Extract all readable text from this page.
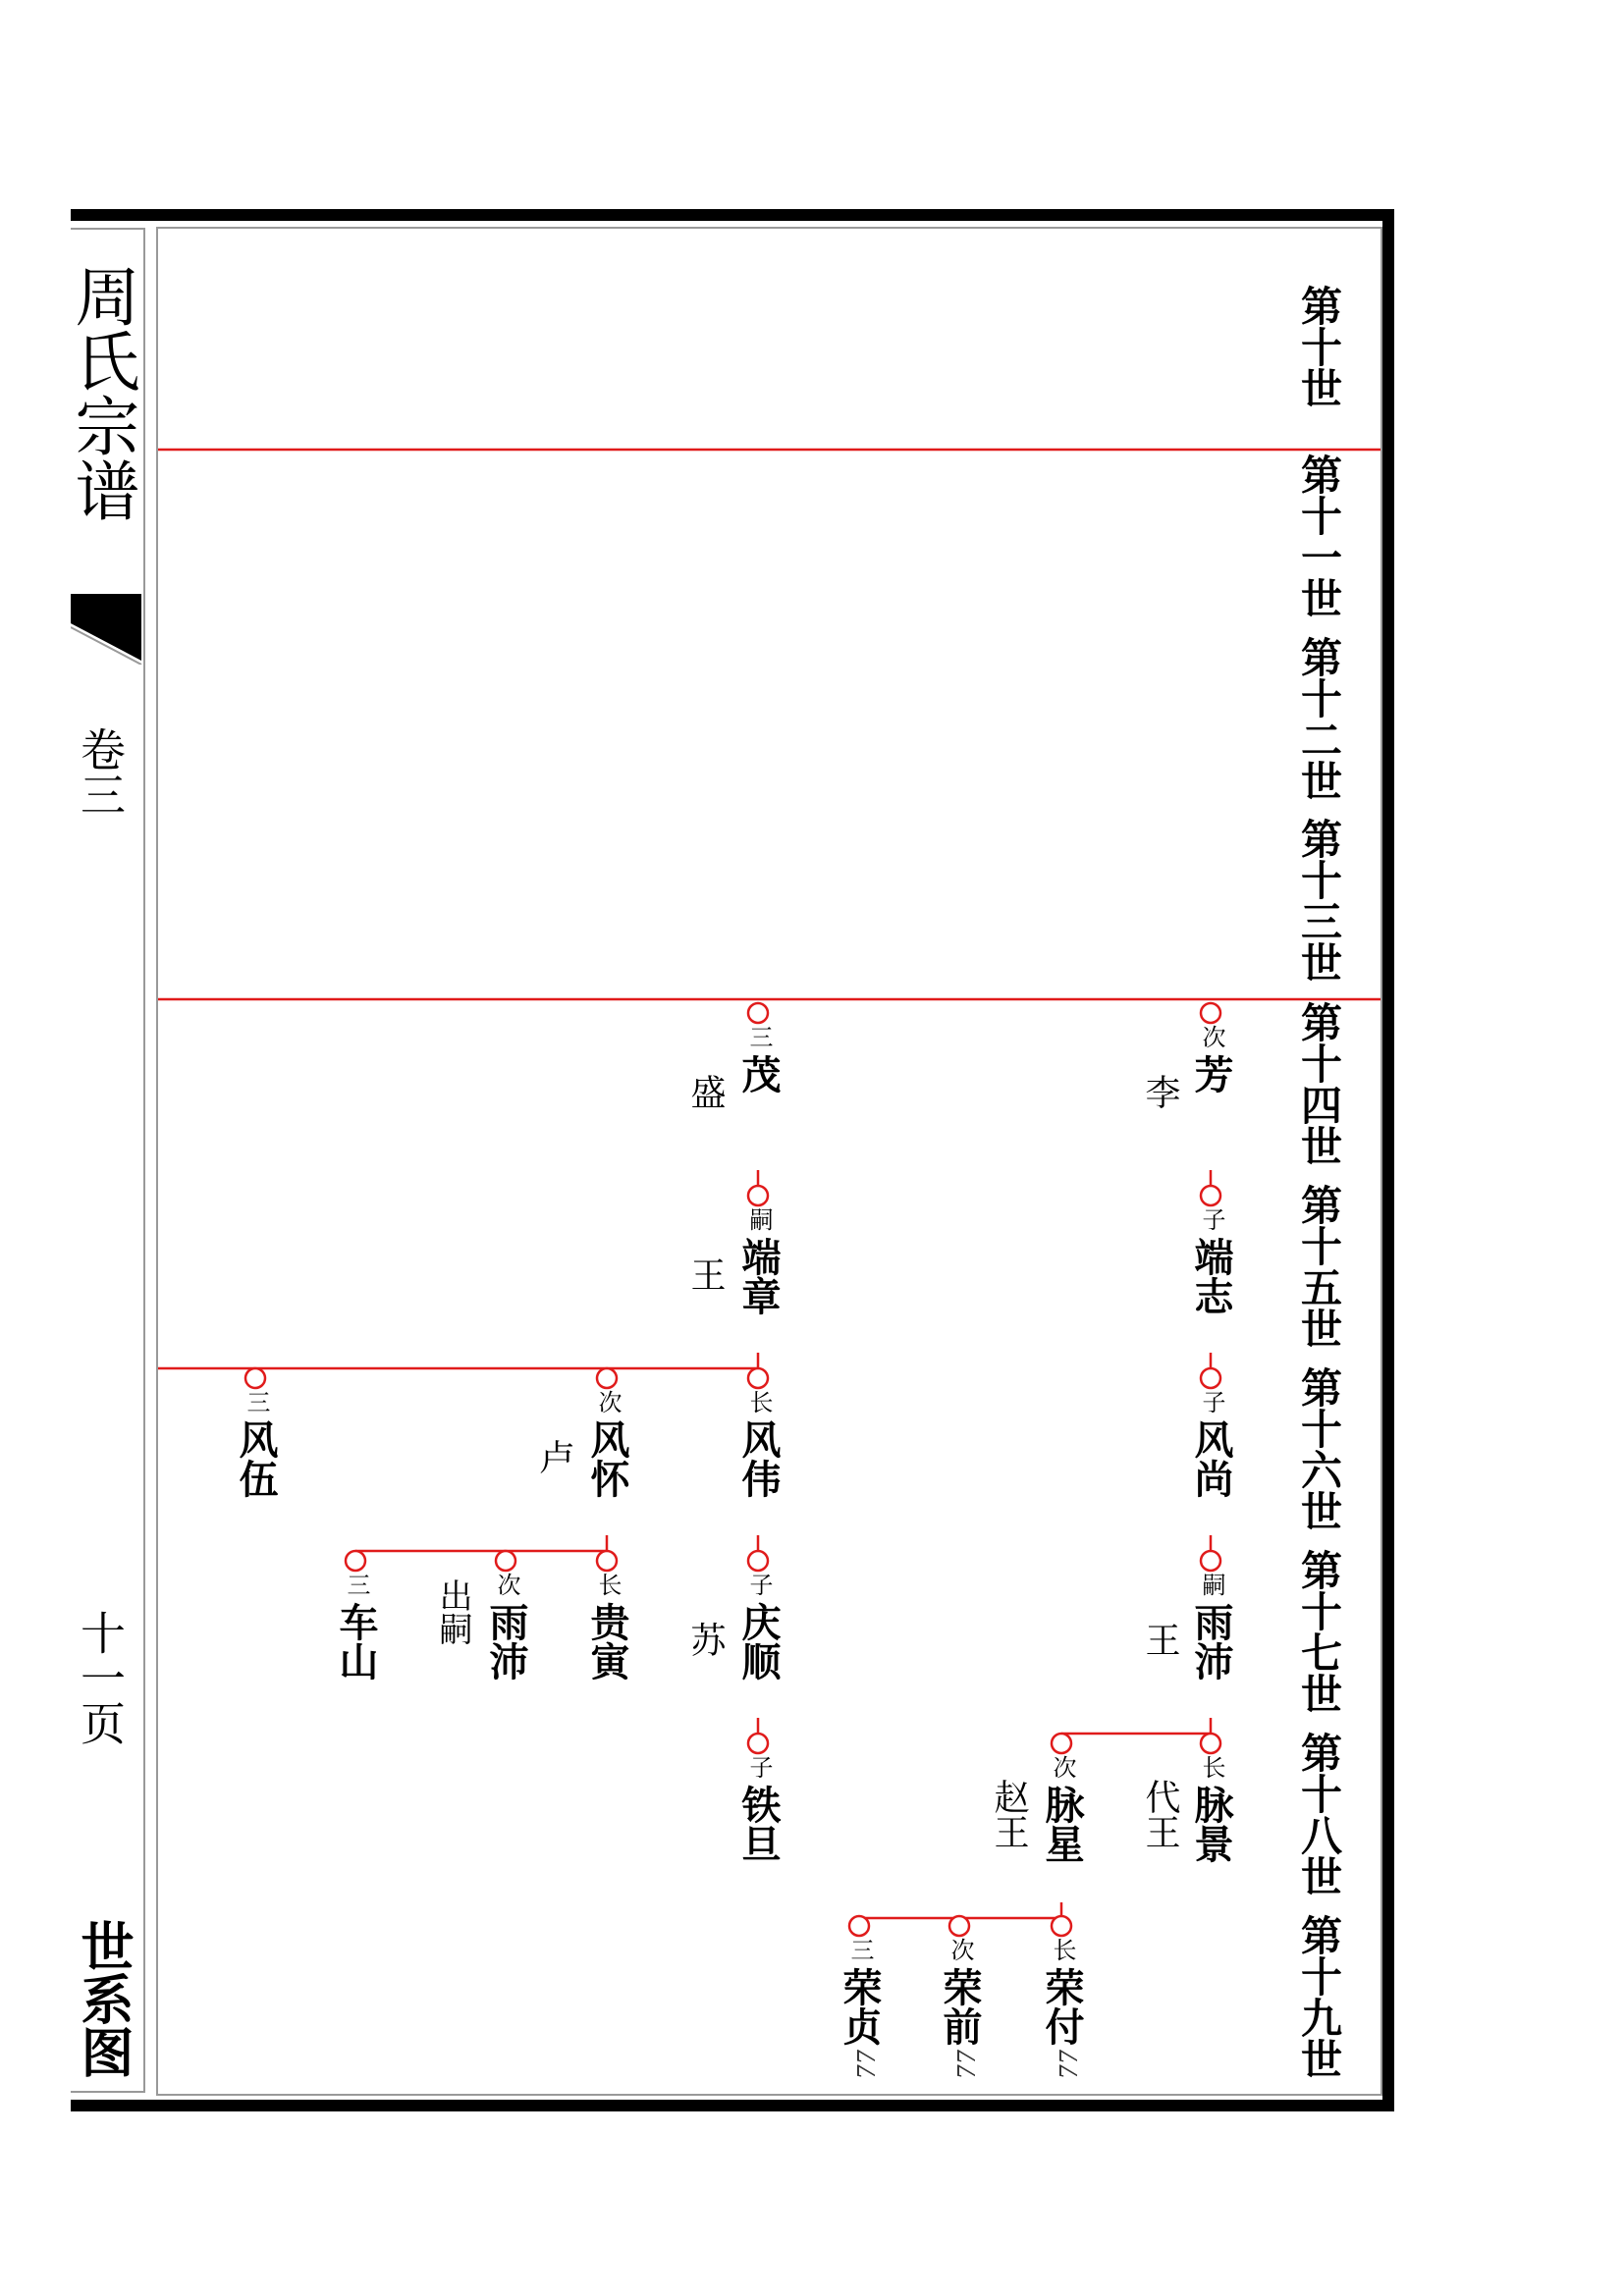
周氏宗谱
卷三
十一页
世系图
第十世
第十一世
第十二世
第十三世
第十四世
第十五世
第十六世
第十七世
第十八世
第十九世
次
芳
李
三
茂
盛
子
端志
嗣
端章
王
子
风尚
长
风伟
次
风怀
卢
三
风伍
嗣
雨沛
王
子
庆顺
苏
长
贵寅
次
雨沛
出嗣
三
车山
长
脉景
代王
次
脉星
赵王
子
铁旦
长
荣付
77
次
荣前
77
三
荣贞
77
